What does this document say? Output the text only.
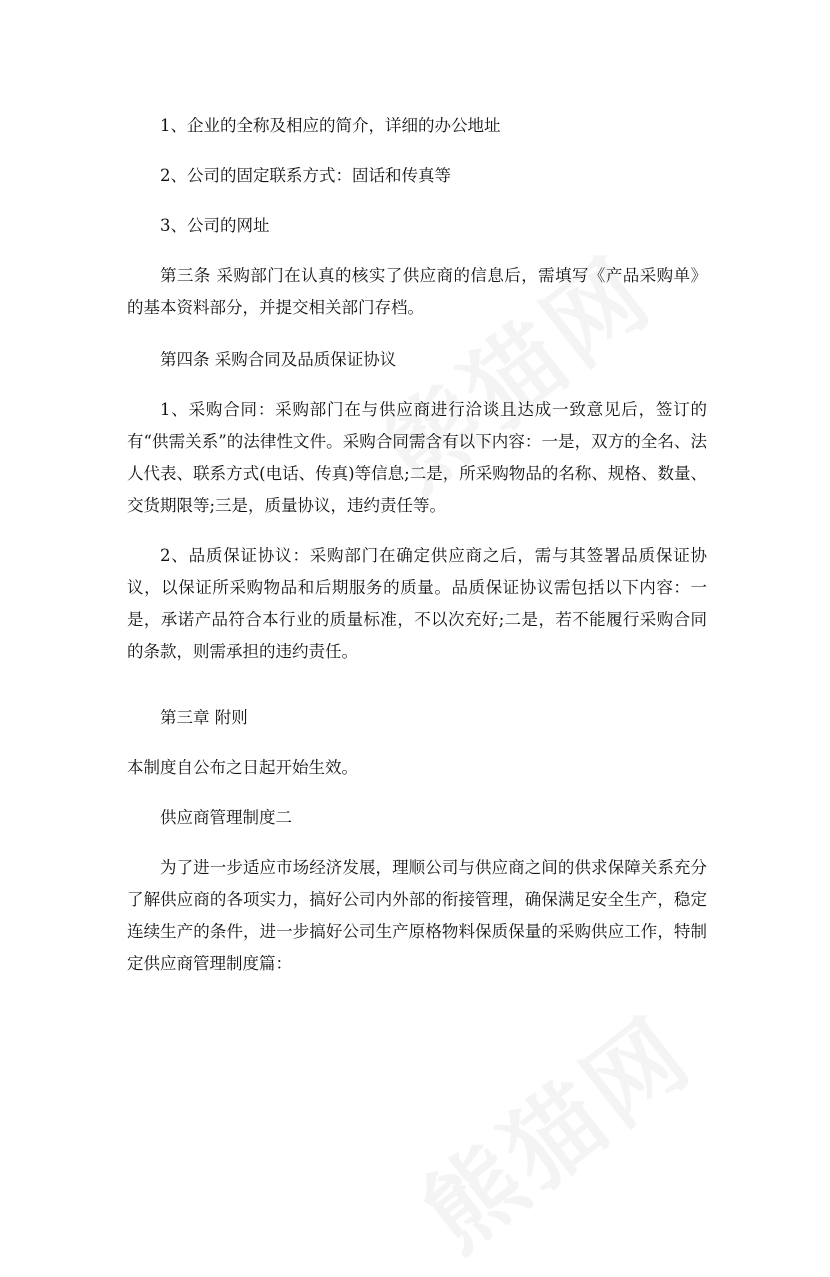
1、企业的全称及相应的简介，详细的办公地址

2、公司的固定联系方式：固话和传真等

3、公司的网址

第三条 采购部门在认真的核实了供应商的信息后，需填写《产品采购单》的基本资料部分，并提交相关部门存档。

第四条 采购合同及品质保证协议

1、采购合同：采购部门在与供应商进行洽谈且达成一致意见后，签订的有“供需关系”的法律性文件。采购合同需含有以下内容：一是，双方的全名、法人代表、联系方式(电话、传真)等信息;二是，所采购物品的名称、规格、数量、交货期限等;三是，质量协议，违约责任等。

2、品质保证协议：采购部门在确定供应商之后，需与其签署品质保证协议，以保证所采购物品和后期服务的质量。品质保证协议需包括以下内容：一是，承诺产品符合本行业的质量标准，不以次充好;二是，若不能履行采购合同的条款，则需承担的违约责任。

第三章 附则

本制度自公布之日起开始生效。

供应商管理制度二

为了进一步适应市场经济发展，理顺公司与供应商之间的供求保障关系充分了解供应商的各项实力，搞好公司内外部的衔接管理，确保满足安全生产，稳定连续生产的条件，进一步搞好公司生产原格物料保质保量的采购供应工作，特制定供应商管理制度篇：
